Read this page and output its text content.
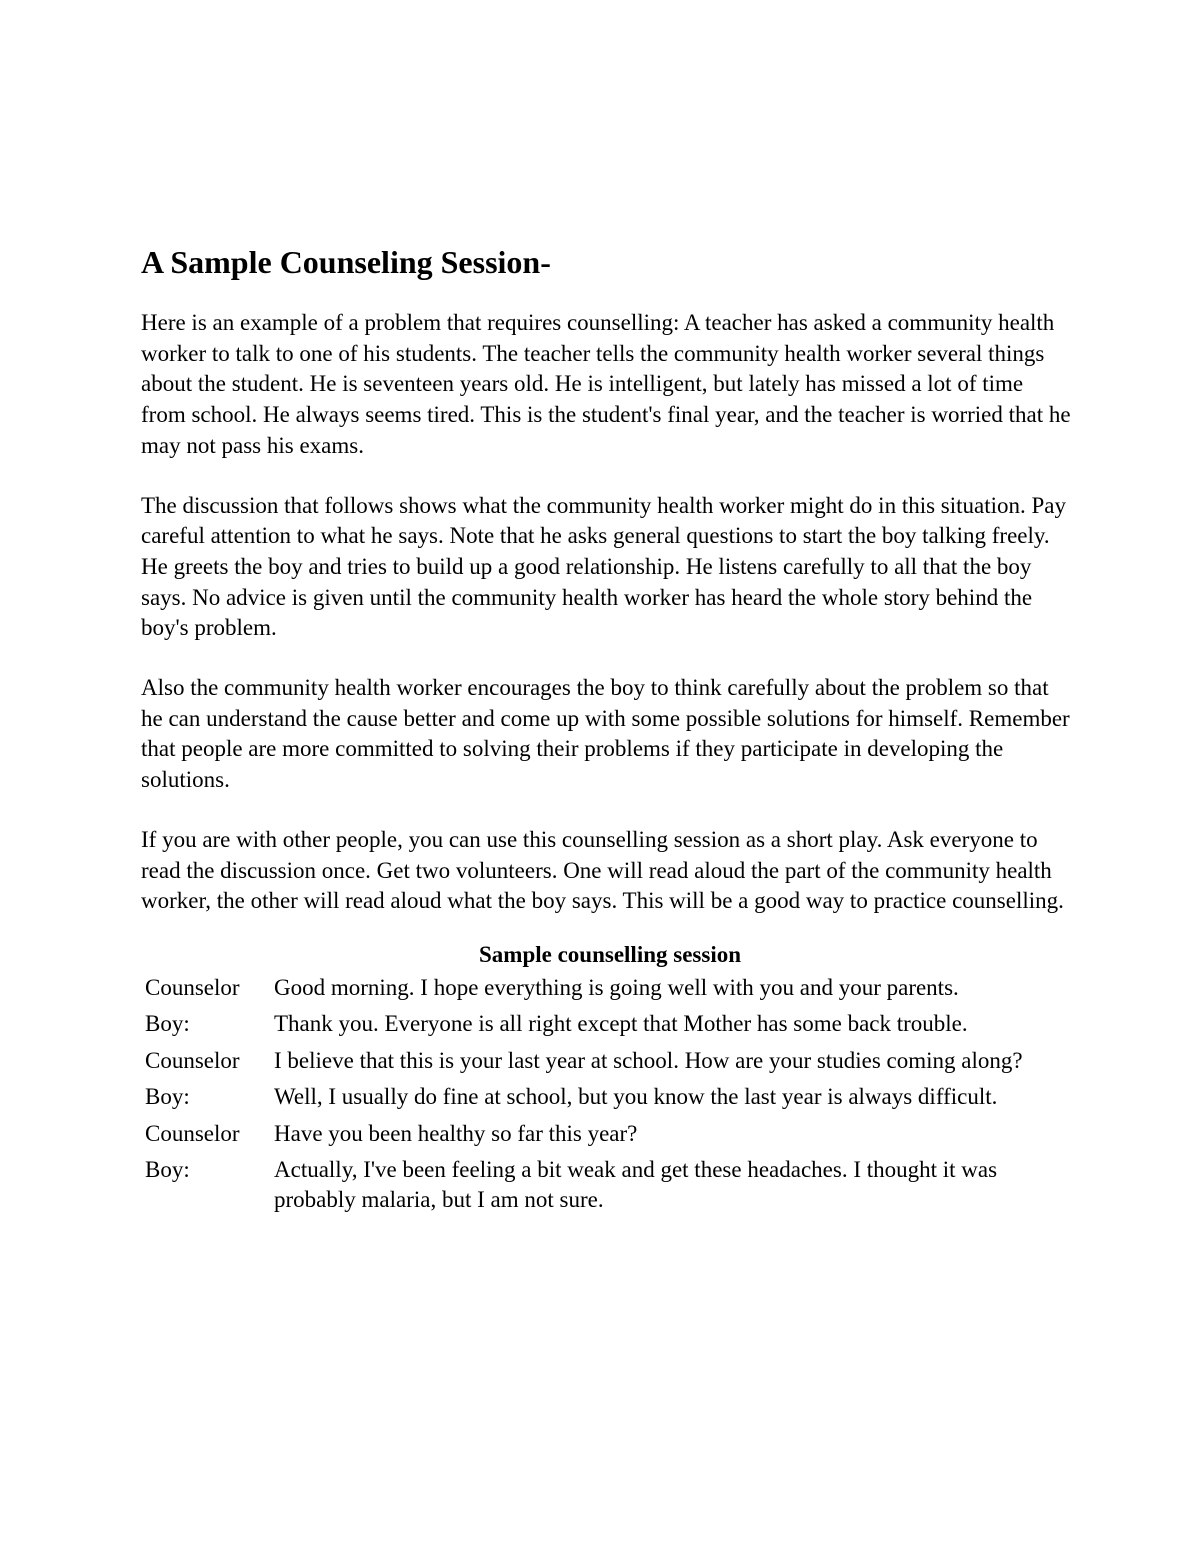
A Sample Counseling Session-

Here is an example of a problem that requires counselling: A teacher has asked a community health worker to talk to one of his students. The teacher tells the community health worker several things about the student. He is seventeen years old. He is intelligent, but lately has missed a lot of time from school. He always seems tired. This is the student's final year, and the teacher is worried that he may not pass his exams.

The discussion that follows shows what the community health worker might do in this situation. Pay careful attention to what he says. Note that he asks general questions to start the boy talking freely. He greets the boy and tries to build up a good relationship. He listens carefully to all that the boy says. No advice is given until the community health worker has heard the whole story behind the boy's problem.

Also the community health worker encourages the boy to think carefully about the problem so that he can understand the cause better and come up with some possible solutions for himself. Remember that people are more committed to solving their problems if they participate in developing the solutions.

If you are with other people, you can use this counselling session as a short play. Ask everyone to read the discussion once. Get two volunteers. One will read aloud the part of the community health worker, the other will read aloud what the boy says. This will be a good way to practice counselling.

Sample counselling session
Counselor	Good morning. I hope everything is going well with you and your parents.
Boy:	Thank you. Everyone is all right except that Mother has some back trouble.
Counselor	I believe that this is your last year at school. How are your studies coming along?
Boy:	Well, I usually do fine at school, but you know the last year is always difficult.
Counselor	Have you been healthy so far this year?
Boy:	Actually, I've been feeling a bit weak and get these headaches. I thought it was probably malaria, but I am not sure.
